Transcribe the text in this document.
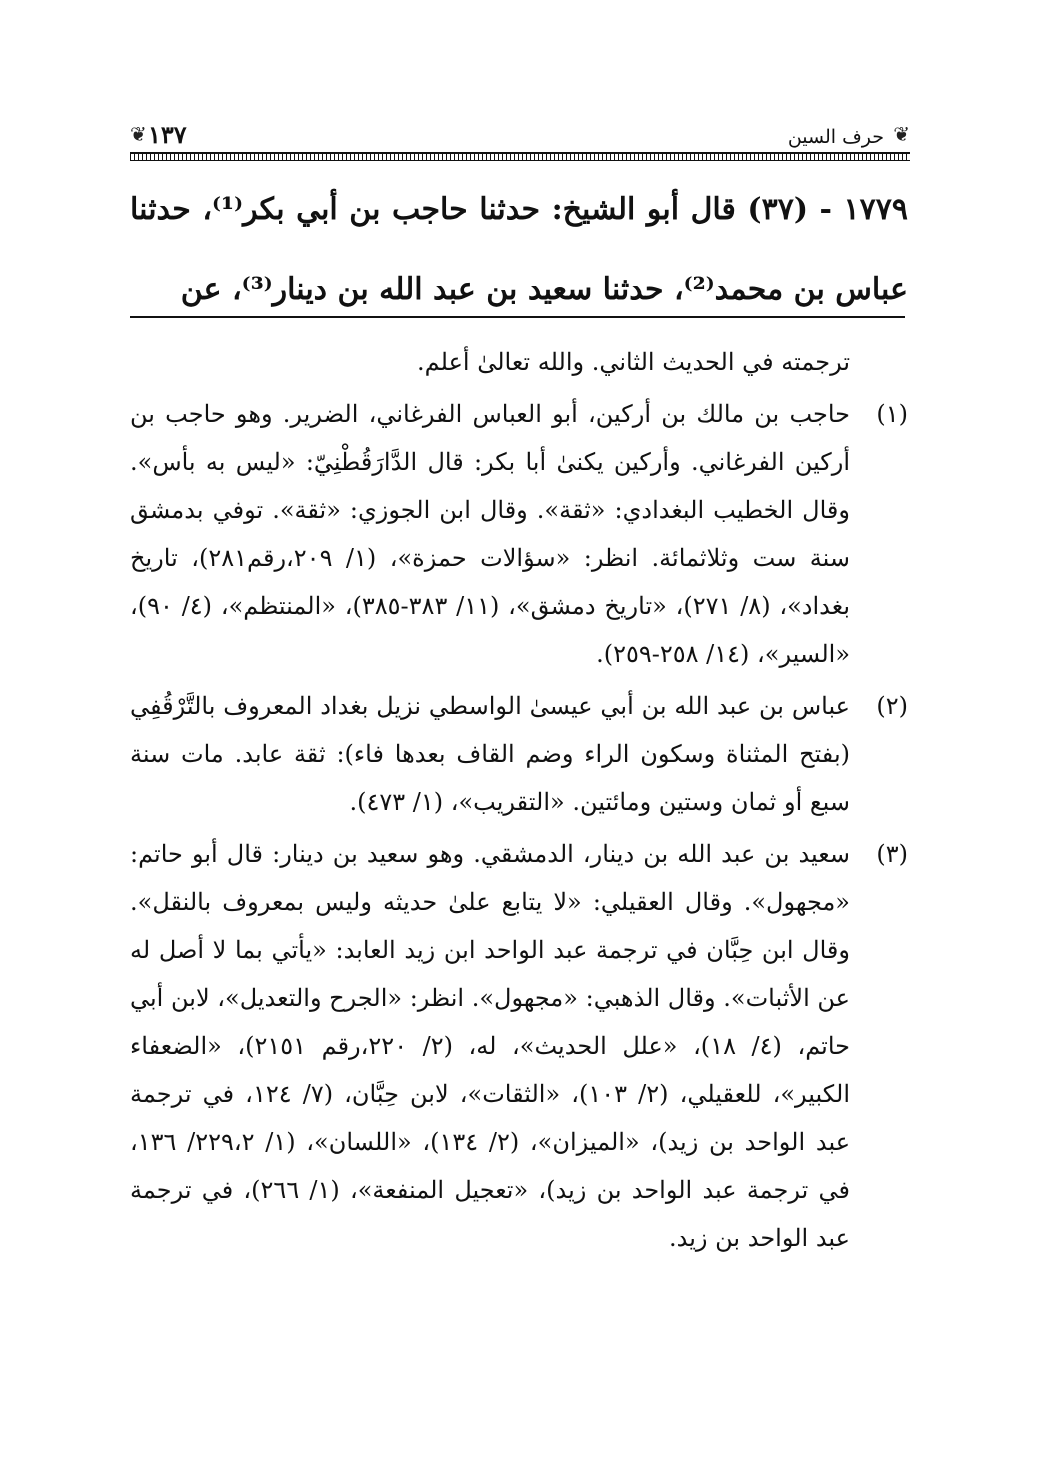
❦
حرف السين
١٣٧
❦
١٧٧٩ - (٣٧) قال أبو الشيخ: حدثنا حاجب بن أبي بكر⁽¹⁾، حدثنا عباس بن محمد⁽²⁾، حدثنا سعيد بن عبد الله بن دينار⁽³⁾، عن
ترجمته في الحديث الثاني. والله تعالىٰ أعلم.
(١)
حاجب بن مالك بن أركين، أبو العباس الفرغاني، الضرير. وهو حاجب بن أركين الفرغاني. وأركين يكنىٰ أبا بكر: قال الدَّارَقُطْنِيّ: «ليس به بأس». وقال الخطيب البغدادي: «ثقة». وقال ابن الجوزي: «ثقة». توفي بدمشق سنة ست وثلاثمائة. انظر: «سؤالات حمزة»، (١/ ٢٠٩،رقم٢٨١)، تاريخ بغداد»، (٨/ ٢٧١)، «تاريخ دمشق»، (١١/ ٣٨٣-٣٨٥)، «المنتظم»، (٤/ ٩٠)، «السير»، (١٤/ ٢٥٨-٢٥٩).
(٢)
عباس بن عبد الله بن أبي عيسىٰ الواسطي نزيل بغداد المعروف بالتَّرْقُفِي (بفتح المثناة وسكون الراء وضم القاف بعدها فاء): ثقة عابد. مات سنة سبع أو ثمان وستين ومائتين. «التقريب»، (١/ ٤٧٣).
(٣)
سعيد بن عبد الله بن دينار، الدمشقي. وهو سعيد بن دينار: قال أبو حاتم: «مجهول». وقال العقيلي: «لا يتابع علىٰ حديثه وليس بمعروف بالنقل». وقال ابن حِبَّان في ترجمة عبد الواحد ابن زيد العابد: «يأتي بما لا أصل له عن الأثبات». وقال الذهبي: «مجهول». انظر: «الجرح والتعديل»، لابن أبي حاتم، (٤/ ١٨)، «علل الحديث»، له، (٢/ ٢٢٠،رقم ٢١٥١)، «الضعفاء الكبير»، للعقيلي، (٢/ ١٠٣)، «الثقات»، لابن حِبَّان، (٧/ ١٢٤، في ترجمة عبد الواحد بن زيد)، «الميزان»، (٢/ ١٣٤)، «اللسان»، (١/ ٢٢٩،٢/ ١٣٦، في ترجمة عبد الواحد بن زيد)، «تعجيل المنفعة»، (١/ ٢٦٦)، في ترجمة عبد الواحد بن زيد.
